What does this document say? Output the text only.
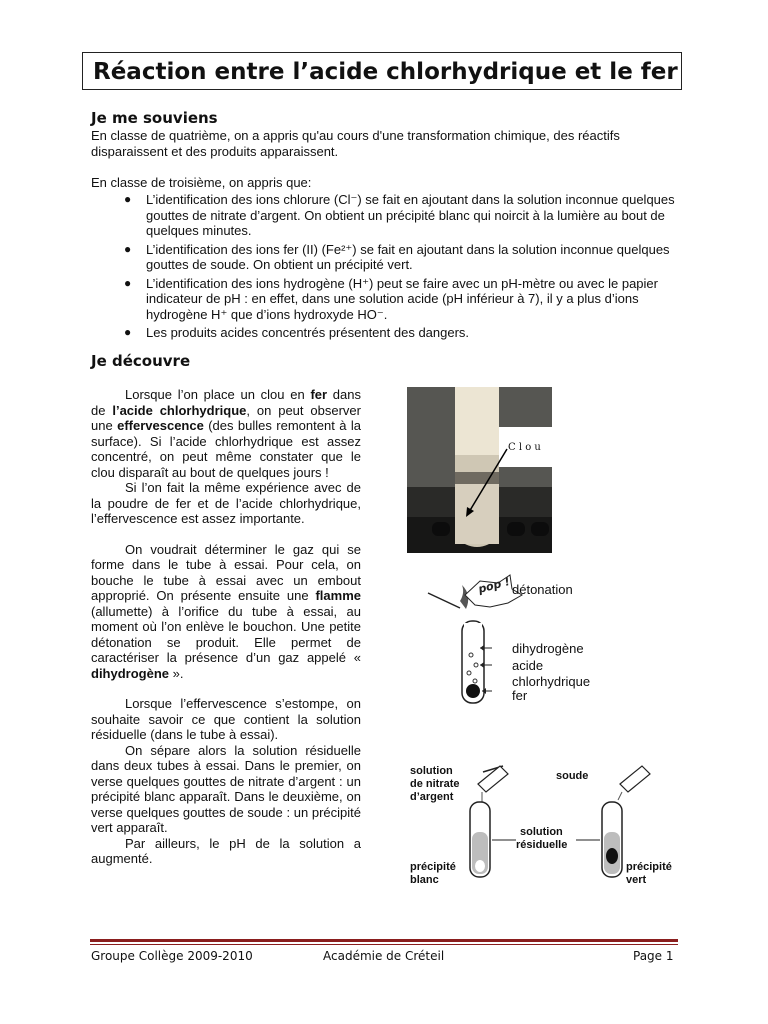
Réaction entre l’acide chlorhydrique et le fer
Je me souviens
En classe de quatrième, on a appris qu'au cours d'une transformation chimique, des réactifs disparaissent et des produits apparaissent.
En classe de troisième, on appris que:
● L’identification des ions chlorure (Cl⁻) se fait en ajoutant dans la solution inconnue quelques gouttes de nitrate d’argent. On obtient un précipité blanc qui noircit à la lumière au bout de quelques minutes.
● L’identification des ions fer (II) (Fe²⁺) se fait en ajoutant dans la solution inconnue quelques gouttes de soude. On obtient un précipité vert.
● L’identification des ions hydrogène (H⁺) peut se faire avec un pH-mètre ou avec le papier indicateur de pH : en effet, dans une solution acide (pH inférieur à 7), il y a plus d’ions hydrogène H⁺ que d’ions hydroxyde HO⁻.
● Les produits acides concentrés présentent des dangers.
Je découvre

Lorsque l’on place un clou en fer dans de l’acide chlorhydrique, on peut observer une effervescence (des bulles remontent à la surface). Si l’acide chlorhydrique est assez concentré, on peut même constater que le clou disparaît au bout de quelques jours !

Si l’on fait la même expérience avec de la poudre de fer et de l’acide chlorhydrique, l’effervescence est assez importante.

On voudrait déterminer le gaz qui se forme dans le tube à essai. Pour cela, on bouche le tube à essai avec un embout approprié. On présente ensuite une flamme (allumette) à l’orifice du tube à essai, au moment où l’on enlève le bouchon. Une petite détonation se produit. Elle permet de caractériser la présence d’un gaz appelé « dihydrogène ».

Lorsque l’effervescence s’estompe, on souhaite savoir ce que contient la solution résiduelle (dans le tube à essai).

On sépare alors la solution résiduelle dans deux tubes à essai. Dans le premier, on verse quelques gouttes de nitrate d’argent : un précipité blanc apparaît. Dans le deuxième, on verse quelques gouttes de soude : un précipité vert apparaît.

Par ailleurs, le pH de la solution a augmenté.

C l o u
pop ! détonation
dihydrogène
acide
chlorhydrique
fer
solution
de nitrate
d’argent
soude
solution
résiduelle
précipité
blanc
précipité
vert
Groupe Collège 2009-2010	Académie de Créteil	Page 1
